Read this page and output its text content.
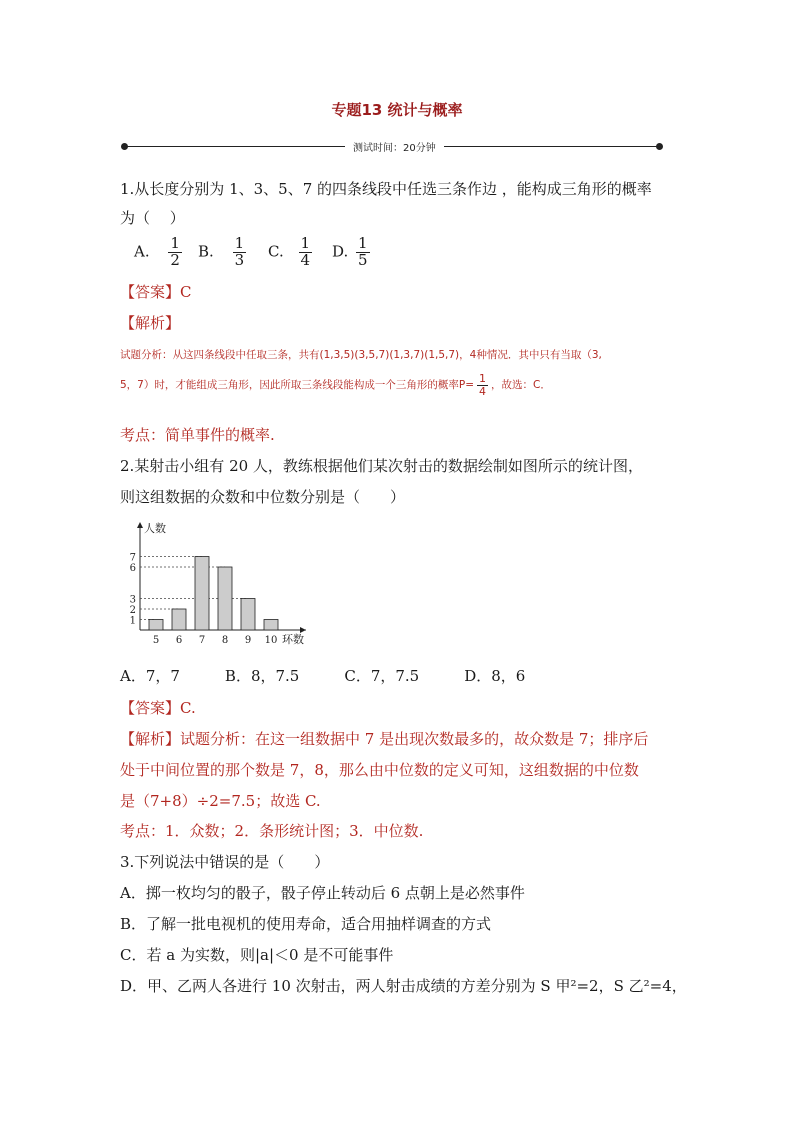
专题13 统计与概率
测试时间：20分钟
1.从长度分别为 1、3、5、7 的四条线段中任选三条作边 ，能构成三角形的概率
为（　 ）
A. $\frac{1}{2} B$. $\frac{1}{3} C$. $\frac{1}{4} D$. $\frac{1}{5}$
【答案】C
【解析】
试题分析：从这四条线段中任取三条，共有(1,3,5)(3,5,7)(1,3,7)(1,5,7)，4种情况．其中只有当取（3,
5，7）时，才能组成三角形，因此所取三条线段能构成一个三角形的概率$P= \frac{1}{4}$ ，故选：C．
考点：简单事件的概率.
2.某射击小组有 20 人，教练根据他们某次射击的数据绘制如图所示的统计图，
则这组数据的众数和中位数分别是（　　）
人数
环数
1
2
3
6
7
5 6 7 8 9 10
A．7，7　　　B．8，7.5　　　C．7，7.5　　　D．8，6
【答案】C.
【解析】试题分析：在这一组数据中 7 是出现次数最多的，故众数是 7；排序后
处于中间位置的那个数是 7，8，那么由中位数的定义可知，这组数据的中位数
是（7+8）÷2=7.5；故选 C.
考点：1．众数；2．条形统计图；3．中位数.
3.下列说法中错误的是（　　）
A．掷一枚均匀的骰子，骰子停止转动后 6 点朝上是必然事件
B．了解一批电视机的使用寿命，适合用抽样调查的方式
C．若 a 为实数，则|a|＜0 是不可能事件
D．甲、乙两人各进行 10 次射击，两人射击成绩的方差分别为 S 甲²=2，S 乙²=4，
